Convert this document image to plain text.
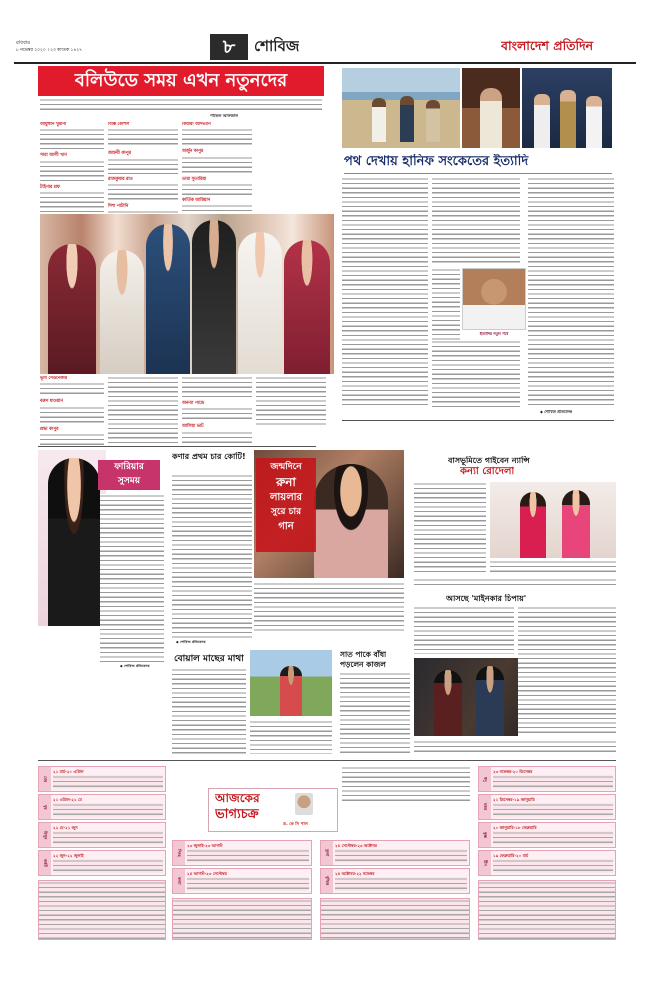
রবিবার
৮ নভেম্বর ২০২০ । ২৩ কার্তিক ১৪২৭	৮	শোবিজ	বাংলাদেশ প্রতিদিন
বলিউডে সময় এখন নতুনদের
পাভেল আফজাল
আয়ুষ্মান খুরানা
সারা আলী খান
টাইগার শ্রফ
বিক্কি কৌশল
জাহ্নবী কাপুর
রাজকুমার রাও
দিশা পাটানি
কিয়ারা আদভানি
অর্জুন কাপুর
তারা সুতারিয়া
কার্তিক আরিয়ান
ভূমি পেডনেকার
বরুণ ধাওয়ান
শ্রদ্ধা কাপুর
অনন্যা পান্ডে
আলিয়া ভাট
পথ দেখায় হানিফ সংকেতের ইত্যাদি
ইত্যাদির নতুন পর্বে
◆ শোবিজ প্রতিবেদক
ফারিয়ার
সুসময়
◆ শোবিজ প্রতিবেদক
কণার প্রথম চার কোটি!
◆ শোবিজ প্রতিবেদক
জন্মদিনে
রুনা
লায়লার
সুরে চার
গান
বাসভূমিতে গাইবেন ন্যান্সি
কন্যা রোদেলা
আসছে 'মাইনকার চিপায়'
বোয়াল মাছের মাথা	সাত পাকে বাঁধা
পড়লেন কাজল
আজকের
ভাগ্যচক্র
ড. কে সি পাল
মেষ
২১ মার্চ-২০ এপ্রিল
বৃষ
২১ এপ্রিল-২১ মে
মিথুন
২২ মে-২১ জুন
কর্কট
২২ জুন-২২ জুলাই	সিংহ
২৩ জুলাই-২৩ আগস্ট
কন্যা
২৪ আগস্ট-২৩ সেপ্টেম্বর
তুলা
২৪ সেপ্টেম্বর-২৩ অক্টোবর
বৃশ্চিক
২৪ অক্টোবর-২২ নভেম্বর
ধনু
২৩ নভেম্বর-২০ ডিসেম্বর
মকর
২১ ডিসেম্বর-১৯ জানুয়ারি
কুম্ভ
২০ জানুয়ারি-১৮ ফেব্রুয়ারি
মীন
১৯ ফেব্রুয়ারি-২০ মার্চ
